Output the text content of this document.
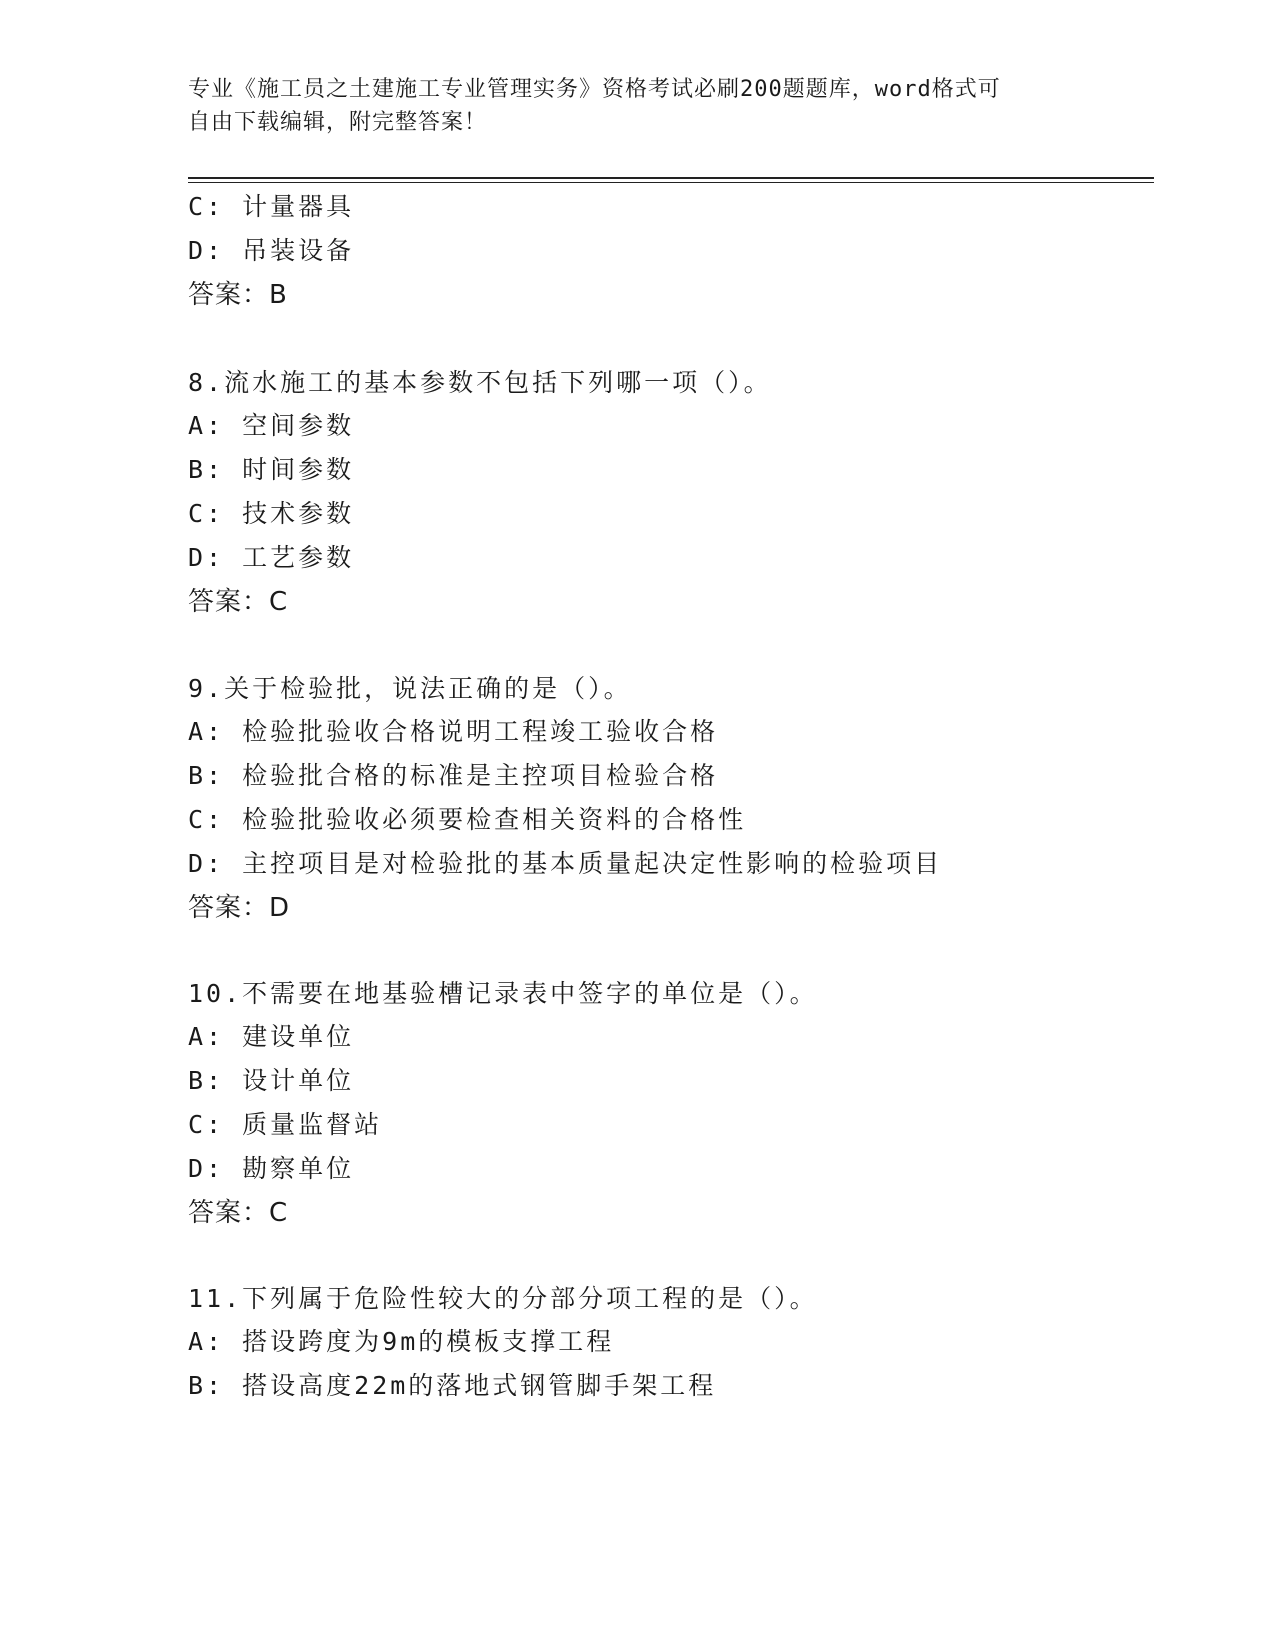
专业《施工员之土建施工专业管理实务》资格考试必刷200题题库，word格式可
自由下载编辑，附完整答案！
C: 计量器具
D: 吊装设备
答案：B
8.流水施工的基本参数不包括下列哪一项（）。
A: 空间参数
B: 时间参数
C: 技术参数
D: 工艺参数
答案：C
9.关于检验批，说法正确的是（）。
A: 检验批验收合格说明工程竣工验收合格
B: 检验批合格的标准是主控项目检验合格
C: 检验批验收必须要检查相关资料的合格性
D: 主控项目是对检验批的基本质量起决定性影响的检验项目
答案：D
10.不需要在地基验槽记录表中签字的单位是（）。
A: 建设单位
B: 设计单位
C: 质量监督站
D: 勘察单位
答案：C
11.下列属于危险性较大的分部分项工程的是（）。
A: 搭设跨度为9m的模板支撑工程
B: 搭设高度22m的落地式钢管脚手架工程
